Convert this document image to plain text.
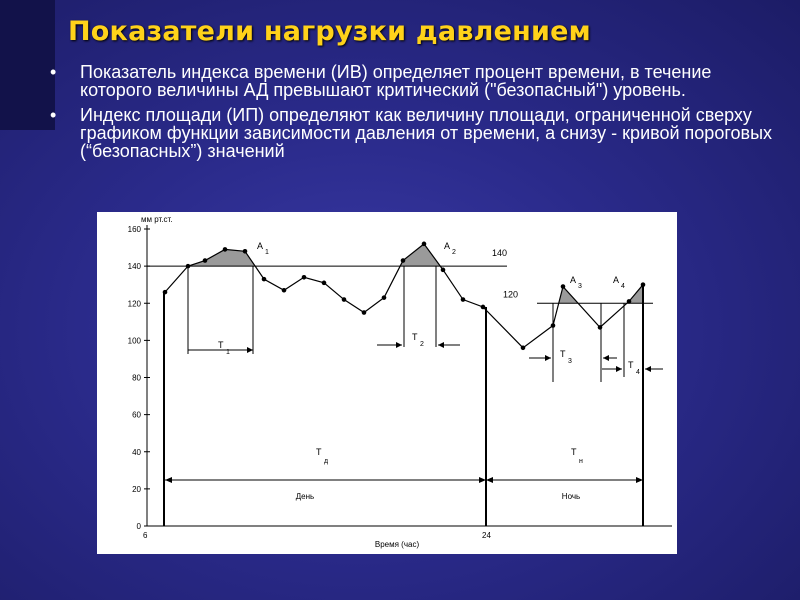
Показатели нагрузки давлением
• Показатель индекса времени (ИВ) определяет процент времени, в течение которого величины АД превышают критический ("безопасный") уровень.
• Индекс площади (ИП) определяют как величину площади, ограниченной сверху графиком функции зависимости давления от времени, а снизу - кривой пороговых (“безопасных”) значений
0
20
40
60
80
100
120
140
160
мм рт.ст.
6	24
Время (час)
140
120
А
1
А
2
А
3
А
4
Т
1
Т
2
Т
3	Т
4
Т
д
Т
н
День	Ночь
